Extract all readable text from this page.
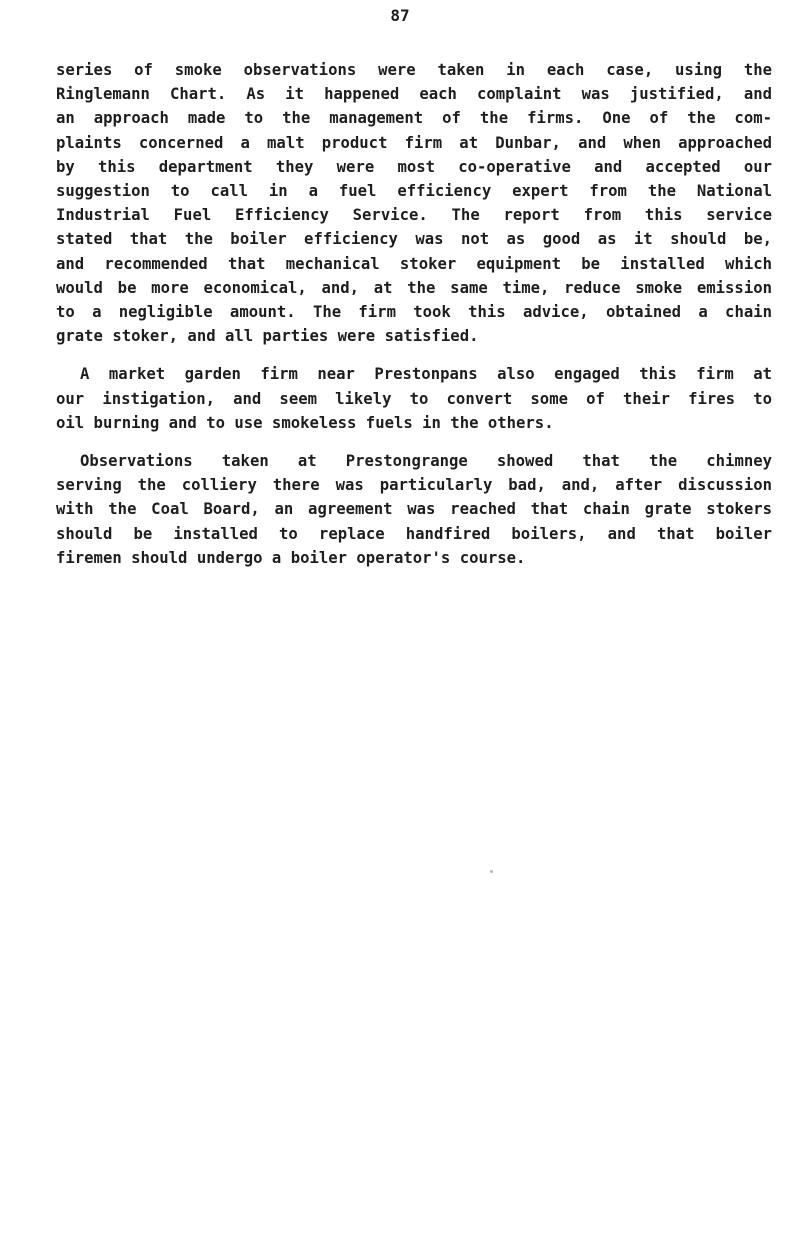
87

series of smoke observations were taken in each case, using the
Ringlemann Chart. As it happened each complaint was justified, and
an approach made to the management of the firms. One of the com-
plaints concerned a malt product firm at Dunbar, and when approached
by this department they were most co-operative and accepted our
suggestion to call in a fuel efficiency expert from the National
Industrial Fuel Efficiency Service. The report from this service
stated that the boiler efficiency was not as good as it should be,
and recommended that mechanical stoker equipment be installed which
would be more economical, and, at the same time, reduce smoke emission
to a negligible amount. The firm took this advice, obtained a chain
grate stoker, and all parties were satisfied.

A market garden firm near Prestonpans also engaged this firm at
our instigation, and seem likely to convert some of their fires to
oil burning and to use smokeless fuels in the others.

Observations taken at Prestongrange showed that the chimney
serving the colliery there was particularly bad, and, after discussion
with the Coal Board, an agreement was reached that chain grate stokers
should be installed to replace handfired boilers, and that boiler
firemen should undergo a boiler operator's course.
